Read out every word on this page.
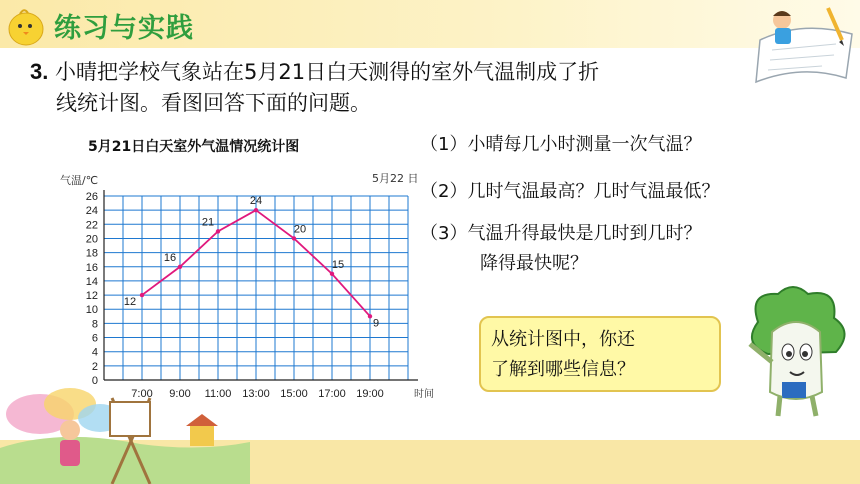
练习与实践
3. 小晴把学校气象站在5月21日白天测得的室外气温制成了折
线统计图。看图回答下面的问题。
5月21日白天室外气温情况统计图
0
2
4
6
8
10
12
14
16
18
20
22
24
26
7:00 9:00 11:00 13:00 15:00 17:00 19:00
气温/℃
时间
5月22 日
12
16
21
24
20
15
9
（1）小晴每几小时测量一次气温？
（2）几时气温最高？几时气温最低？
（3）气温升得最快是几时到几时？
降得最快呢？
从统计图中，你还
了解到哪些信息？
